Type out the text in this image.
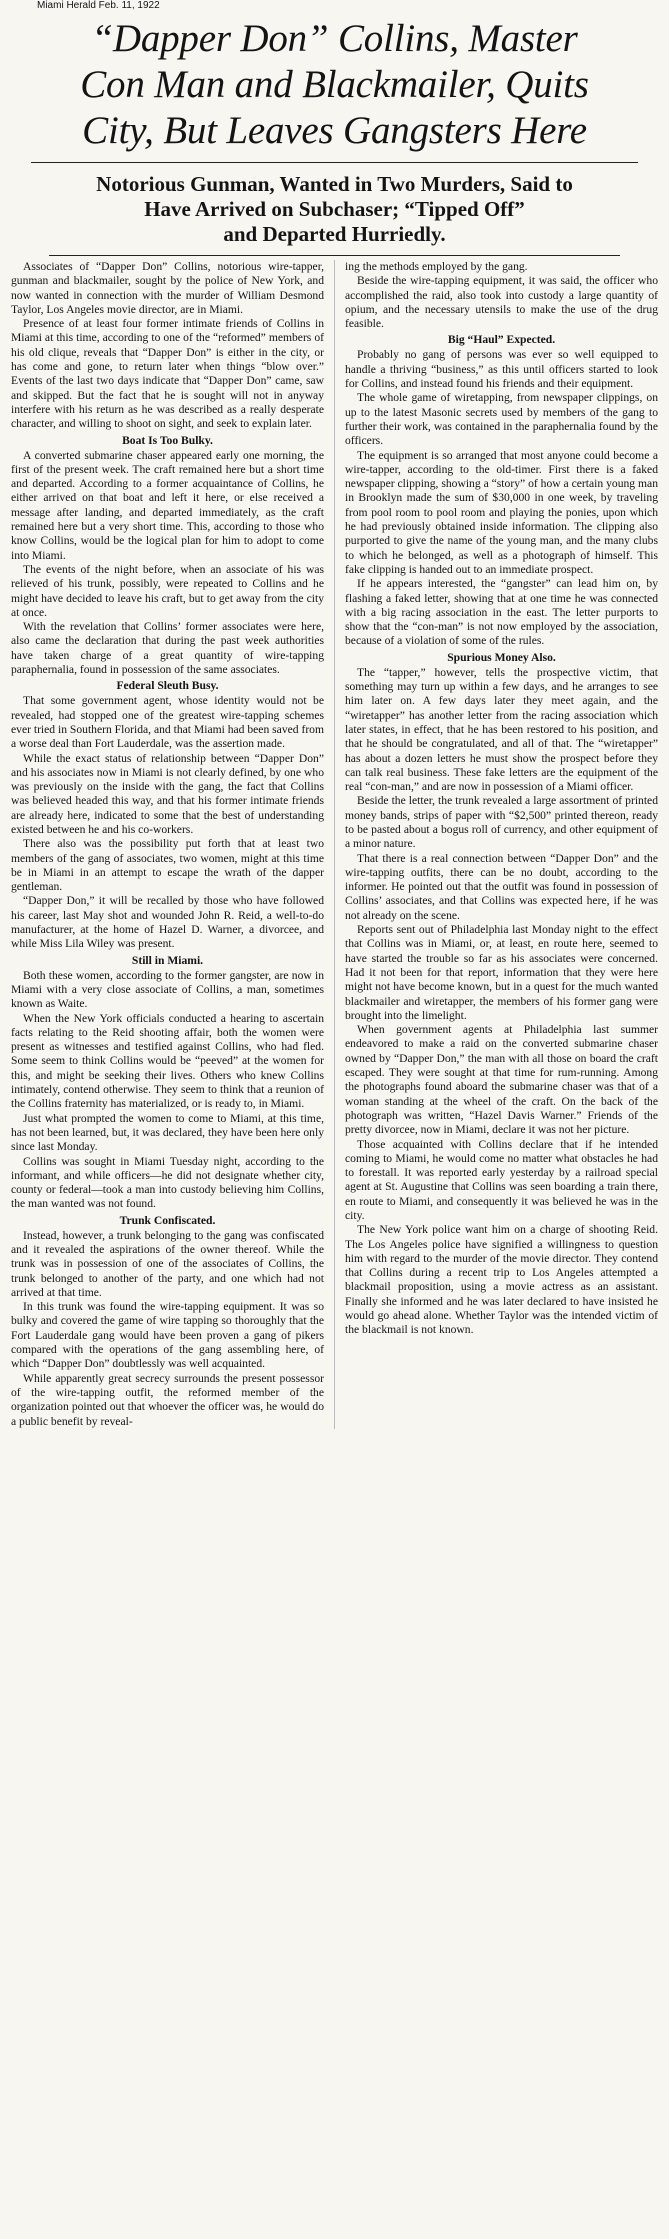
Miami Herald Feb. 11, 1922
“Dapper Don” Collins, Master
Con Man and Blackmailer, Quits
City, But Leaves Gangsters Here
Notorious Gunman, Wanted in Two Murders, Said to
Have Arrived on Subchaser; “Tipped Off”
and Departed Hurriedly.

Associates of “Dapper Don” Collins, notorious wire-tapper, gunman and blackmailer, sought by the police of New York, and now wanted in connection with the murder of William Desmond Taylor, Los Angeles movie director, are in Miami.

Presence of at least four former intimate friends of Collins in Miami at this time, according to one of the “reformed” members of his old clique, reveals that “Dapper Don” is either in the city, or has come and gone, to return later when things “blow over.” Events of the last two days indicate that “Dapper Don” came, saw and skipped. But the fact that he is sought will not in anyway interfere with his return as he was described as a really desperate character, and willing to shoot on sight, and seek to explain later.

Boat Is Too Bulky.

A converted submarine chaser appeared early one morning, the first of the present week. The craft remained here but a short time and departed. According to a former acquaintance of Collins, he either arrived on that boat and left it here, or else received a message after landing, and departed immediately, as the craft remained here but a very short time. This, according to those who know Collins, would be the logical plan for him to adopt to come into Miami.

The events of the night before, when an associate of his was relieved of his trunk, possibly, were repeated to Collins and he might have decided to leave his craft, but to get away from the city at once.

With the revelation that Collins’ former associates were here, also came the declaration that during the past week authorities have taken charge of a great quantity of wire-tapping paraphernalia, found in possession of the same associates.

Federal Sleuth Busy.

That some government agent, whose identity would not be revealed, had stopped one of the greatest wire-tapping schemes ever tried in Southern Florida, and that Miami had been saved from a worse deal than Fort Lauderdale, was the assertion made.

While the exact status of relationship between “Dapper Don” and his associates now in Miami is not clearly defined, by one who was previously on the inside with the gang, the fact that Collins was believed headed this way, and that his former intimate friends are already here, indicated to some that the best of understanding existed between he and his co-workers.

There also was the possibility put forth that at least two members of the gang of associates, two women, might at this time be in Miami in an attempt to escape the wrath of the dapper gentleman.

“Dapper Don,” it will be recalled by those who have followed his career, last May shot and wounded John R. Reid, a well-to-do manufacturer, at the home of Hazel D. Warner, a divorcee, and while Miss Lila Wiley was present.

Still in Miami.

Both these women, according to the former gangster, are now in Miami with a very close associate of Collins, a man, sometimes known as Waite.

When the New York officials conducted a hearing to ascertain facts relating to the Reid shooting affair, both the women were present as witnesses and testified against Collins, who had fled. Some seem to think Collins would be “peeved” at the women for this, and might be seeking their lives. Others who knew Collins intimately, contend otherwise. They seem to think that a reunion of the Collins fraternity has materialized, or is ready to, in Miami.

Just what prompted the women to come to Miami, at this time, has not been learned, but, it was declared, they have been here only since last Monday.

Collins was sought in Miami Tuesday night, according to the informant, and while officers—he did not designate whether city, county or federal—took a man into custody believing him Collins, the man wanted was not found.

Trunk Confiscated.

Instead, however, a trunk belonging to the gang was confiscated and it revealed the aspirations of the owner thereof. While the trunk was in possession of one of the associates of Collins, the trunk belonged to another of the party, and one which had not arrived at that time.

In this trunk was found the wire-tapping equipment. It was so bulky and covered the game of wire tapping so thoroughly that the Fort Lauderdale gang would have been proven a gang of pikers compared with the operations of the gang assembling here, of which “Dapper Don” doubtlessly was well acquainted.

While apparently great secrecy surrounds the present possessor of the wire-tapping outfit, the reformed member of the organization pointed out that whoever the officer was, he would do a public benefit by reveal-

ing the methods employed by the gang.

Beside the wire-tapping equipment, it was said, the officer who accomplished the raid, also took into custody a large quantity of opium, and the necessary utensils to make the use of the drug feasible.

Big “Haul” Expected.

Probably no gang of persons was ever so well equipped to handle a thriving “business,” as this until officers started to look for Collins, and instead found his friends and their equipment.

The whole game of wiretapping, from newspaper clippings, on up to the latest Masonic secrets used by members of the gang to further their work, was contained in the paraphernalia found by the officers.

The equipment is so arranged that most anyone could become a wire-tapper, according to the old-timer. First there is a faked newspaper clipping, showing a “story” of how a certain young man in Brooklyn made the sum of $30,000 in one week, by traveling from pool room to pool room and playing the ponies, upon which he had previously obtained inside information. The clipping also purported to give the name of the young man, and the many clubs to which he belonged, as well as a photograph of himself. This fake clipping is handed out to an immediate prospect.

If he appears interested, the “gangster” can lead him on, by flashing a faked letter, showing that at one time he was connected with a big racing association in the east. The letter purports to show that the “con-man” is not now employed by the association, because of a violation of some of the rules.

Spurious Money Also.

The “tapper,” however, tells the prospective victim, that something may turn up within a few days, and he arranges to see him later on. A few days later they meet again, and the “wiretapper” has another letter from the racing association which later states, in effect, that he has been restored to his position, and that he should be congratulated, and all of that. The “wiretapper” has about a dozen letters he must show the prospect before they can talk real business. These fake letters are the equipment of the real “con-man,” and are now in possession of a Miami officer.

Beside the letter, the trunk revealed a large assortment of printed money bands, strips of paper with “$2,500” printed thereon, ready to be pasted about a bogus roll of currency, and other equipment of a minor nature.

That there is a real connection between “Dapper Don” and the wire-tapping outfits, there can be no doubt, according to the informer. He pointed out that the outfit was found in possession of Collins’ associates, and that Collins was expected here, if he was not already on the scene.

Reports sent out of Philadelphia last Monday night to the effect that Collins was in Miami, or, at least, en route here, seemed to have started the trouble so far as his associates were concerned. Had it not been for that report, information that they were here might not have become known, but in a quest for the much wanted blackmailer and wiretapper, the members of his former gang were brought into the limelight.

When government agents at Philadelphia last summer endeavored to make a raid on the converted submarine chaser owned by “Dapper Don,” the man with all those on board the craft escaped. They were sought at that time for rum-running. Among the photographs found aboard the submarine chaser was that of a woman standing at the wheel of the craft. On the back of the photograph was written, “Hazel Davis Warner.” Friends of the pretty divorcee, now in Miami, declare it was not her picture.

Those acquainted with Collins declare that if he intended coming to Miami, he would come no matter what obstacles he had to forestall. It was reported early yesterday by a railroad special agent at St. Augustine that Collins was seen boarding a train there, en route to Miami, and consequently it was believed he was in the city.

The New York police want him on a charge of shooting Reid. The Los Angeles police have signified a willingness to question him with regard to the murder of the movie director. They contend that Collins during a recent trip to Los Angeles attempted a blackmail proposition, using a movie actress as an assistant. Finally she informed and he was later declared to have insisted he would go ahead alone. Whether Taylor was the intended victim of the blackmail is not known.
